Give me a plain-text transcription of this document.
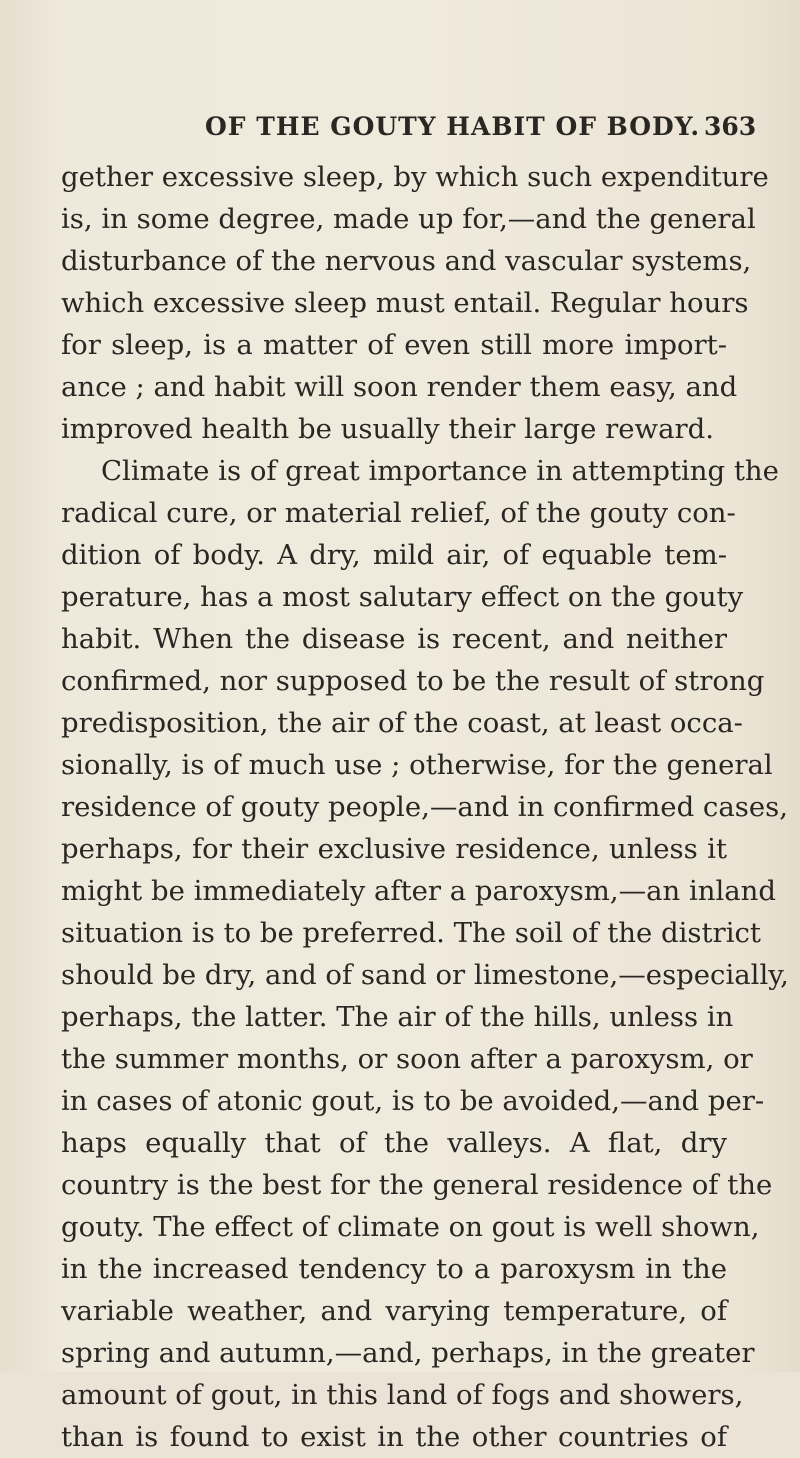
OF THE GOUTY HABIT OF BODY. 363
gether excessive sleep, by which such expenditure
is, in some degree, made up for,—and the general
disturbance of the nervous and vascular systems,
which excessive sleep must entail. Regular hours
for sleep, is a matter of even still more import-
ance ; and habit will soon render them easy, and
improved health be usually their large reward.
Climate is of great importance in attempting the
radical cure, or material relief, of the gouty con-
dition of body. A dry, mild air, of equable tem-
perature, has a most salutary effect on the gouty
habit. When the disease is recent, and neither
confirmed, nor supposed to be the result of strong
predisposition, the air of the coast, at least occa-
sionally, is of much use ; otherwise, for the general
residence of gouty people,—and in confirmed cases,
perhaps, for their exclusive residence, unless it
might be immediately after a paroxysm,—an inland
situation is to be preferred. The soil of the district
should be dry, and of sand or limestone,—especially,
perhaps, the latter. The air of the hills, unless in
the summer months, or soon after a paroxysm, or
in cases of atonic gout, is to be avoided,—and per-
haps equally that of the valleys. A flat, dry
country is the best for the general residence of the
gouty. The effect of climate on gout is well shown,
in the increased tendency to a paroxysm in the
variable weather, and varying temperature, of
spring and autumn,—and, perhaps, in the greater
amount of gout, in this land of fogs and showers,
than is found to exist in the other countries of
